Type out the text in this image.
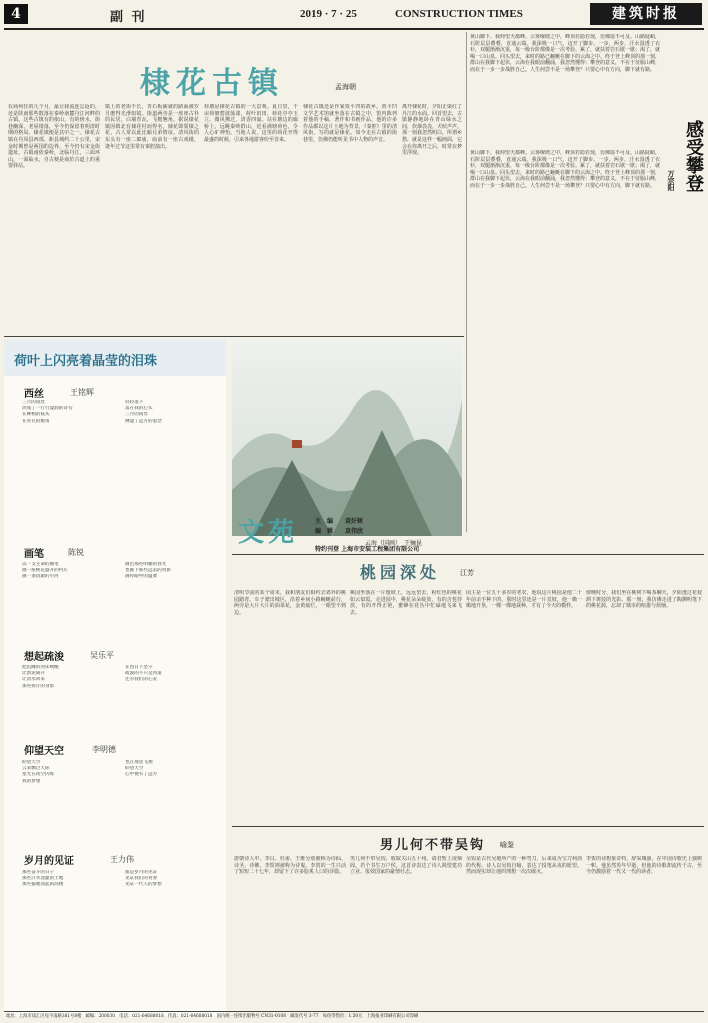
4	副 刊	2019 · 7 · 25	CONSTRUCTION TIMES	建筑时报
棣花古镇	孟海朝
在商州住的几个月，最让我流连忘返的，还是陕南那些散落在秦岭南麓丹江河畔的古镇。这些古镇有的依山，有的傍水，街巷幽深，老屋错落，至今仍保留着明清时期的格局。棣花镇便是其中之一。棣花古镇在丹凤县西部，距县城约二十公里，宋金时期曾是两国的边界，至今仍有宋金街遗址。古镇南依秦岭，北临丹江，三面环山，一面临水，自古便是商於古道上的重要驿站。
镇上的老街不长，青石板铺就的路面被岁月磨得光滑如镜。街道两旁是一座座古朴的民居，白墙青瓦，飞檐翘角。据说棣花镇因镇北有棣花村而得名，棣花即棠棣之花，古人常以此比喻兄弟情谊。清风街的东头有一座二郎庙，庙前有一座古戏楼，逢年过节这里常有秦腔演出。
荷塘是棣花古镇的一大景观。夏日里，千亩荷塘碧波荡漾，荷叶田田，荷花亭亭玉立，微风拂过，清香四溢。站在塘边的廊桥上，远眺秦岭群山，近看满塘荷色，令人心旷神怡。当地人说，这里的荷花开得最盛的时候，引来各地游客纷至沓来。
棣花古镇还是作家贾平凹的故乡。贾平凹文学艺术馆就坐落在古镇之中，馆内陈列着他的手稿、著作和书画作品。他的许多作品都以这片土地为背景，《秦腔》里的清风街，写的就是棣花。如今走在古镇的街巷里，仿佛仍能听见书中人物的声音。
离开棣花时，夕阳正染红了丹江的水面。回首望去，古镇静静地卧在青山绿水之间，炊烟袅袅，犬吠声声。那一刻我忽然明白，所谓乡愁，就是这样一幅画面，它会在你离开之后，时常在梦里浮现。
黄山脚下，我仰望天都峰。云雾缭绕之中，峰顶若隐若现，仿佛遥不可及。山路陡峭，石阶层层叠叠，直通云端。我深吸一口气，迈开了脚步。一步，两步，汗水湿透了衣衫，双腿渐渐沉重，每一级台阶都像是一次考验。累了，就扶着岩石歇一歇；渴了，就喝一口山泉。回头望去，来时的路已蜿蜒在脚下的云海之中。终于登上峰顶的那一刻，群山在我脚下起伏，云海在我眼前翻涌，我忽然懂得：攀登的意义，不在于征服山峰，而在于一步一步战胜自己。人生何尝不是一场攀登？只要心中有方向，脚下就有路。
感受攀登
万宗阳
黄山脚下，我仰望天都峰。云雾缭绕之中，峰顶若隐若现，仿佛遥不可及。山路陡峭，石阶层层叠叠，直通云端。我深吸一口气，迈开了脚步。一步，两步，汗水湿透了衣衫，双腿渐渐沉重，每一级台阶都像是一次考验。累了，就扶着岩石歇一歇；渴了，就喝一口山泉。回头望去，来时的路已蜿蜒在脚下的云海之中。终于登上峰顶的那一刻，群山在我脚下起伏，云海在我眼前翻涌，我忽然懂得：攀登的意义，不在于征服山峰，而在于一步一步战胜自己。人生何尝不是一场攀登？只要心中有方向，脚下就有路。
荷叶上闪亮着晶莹的泪珠
西丝	王铭辉
三月的雨丝
淡成了一行行湿润的诗句
在柳梢的枝头
在青瓦的檐角
轻轻落下
落在我的心头
三月的雨丝
淋湿了远方的思念
画笔	陈锐
以一支生命的画笔
画一座桃花盛开的村庄
画一条清澈的小河
画出那些明媚的春光
也画下那些远去的背影
画你眼中的温柔
想起疏浚	吴乐平
把沉睡的河床唤醒
让淤泥离开
让清水回来
那些挥汗的身影
在烈日下坚守
疏浚的不只是河道
还有我们的心灵
仰望天空	李明德
仰望天空
云朵飘过天际
星光在夜空闪烁
我的梦想
也在那里飞翔
仰望天空
心中便有了远方
岁月的见证	王力伟
那些奋斗的日子
那些汗水浇灌的土地
那些拔地而起的高楼
都是岁月的见证
见证我们的青春
见证一代人的梦想
云海（国画）　王骊昆
文苑	主　编 袁好树
编　辑 袁伟欣
特约刊登 上海市安装工程集团有限公司
桃园深处	江芳
清明节前的某个周末，我和朋友们相约去郊外的桃园踏青。车子驶出城区，沿着乡间小路蜿蜒前行，两旁是大片大片的油菜花，金黄灿烂，一眼望不到边。
桃园坐落在一片缓坡上，远远望去，粉红色的桃花如云似霞。走进园中，桃花朵朵绽放，有的含苞待放，有的开得正艳，蜜蜂在花丛中忙碌地飞来飞去。
园主是一位五十多岁的老农，他说这片桃园是他二十年前亲手种下的。那时这里还是一片荒坡，他一锄一锄地开垦，一棵一棵地栽种，才有了今天的模样。
傍晚时分，我们坐在桃树下喝茶聊天，夕阳透过花枝洒下斑驳的光影。那一刻，我仿佛走进了陶渊明笔下的桃花源，忘却了城市的喧嚣与烦恼。
男儿何不带吴钩 喻鉴
唐朝诗人中，李白、杜甫、王维分别被称为诗仙、诗圣、诗佛，李贺则被称为诗鬼。李贺的一生只活了短短二十七年，却留下了许多脍炙人口的诗篇。
男儿何不带吴钩，收取关山五十州。请君暂上凌烟阁，若个书生万户侯。这首诗表达了诗人渴望建功立业、报效国家的豪情壮志。
吴钩是古代吴地所产的一种弯刀，后来成为宝刀利剑的代称。诗人以吴钩自喻，表达了投笔从戎的愿望。然而现实却让他的理想一次次破灭。
李贺的诗想象奇特，辞采瑰丽，在中国诗歌史上独树一帜。他虽然英年早逝，但他的诗歌却流传千古，至今仍激励着一代又一代的读者。
地址：上海市徐汇区宛平南路381号8楼　邮编：200030　电话：021-64688018　传真：021-64688018　国内统一连续出版物号 CN31-0108　邮发代号 3-77　每份零售价：1.50元　上海报业印刷有限公司印刷
